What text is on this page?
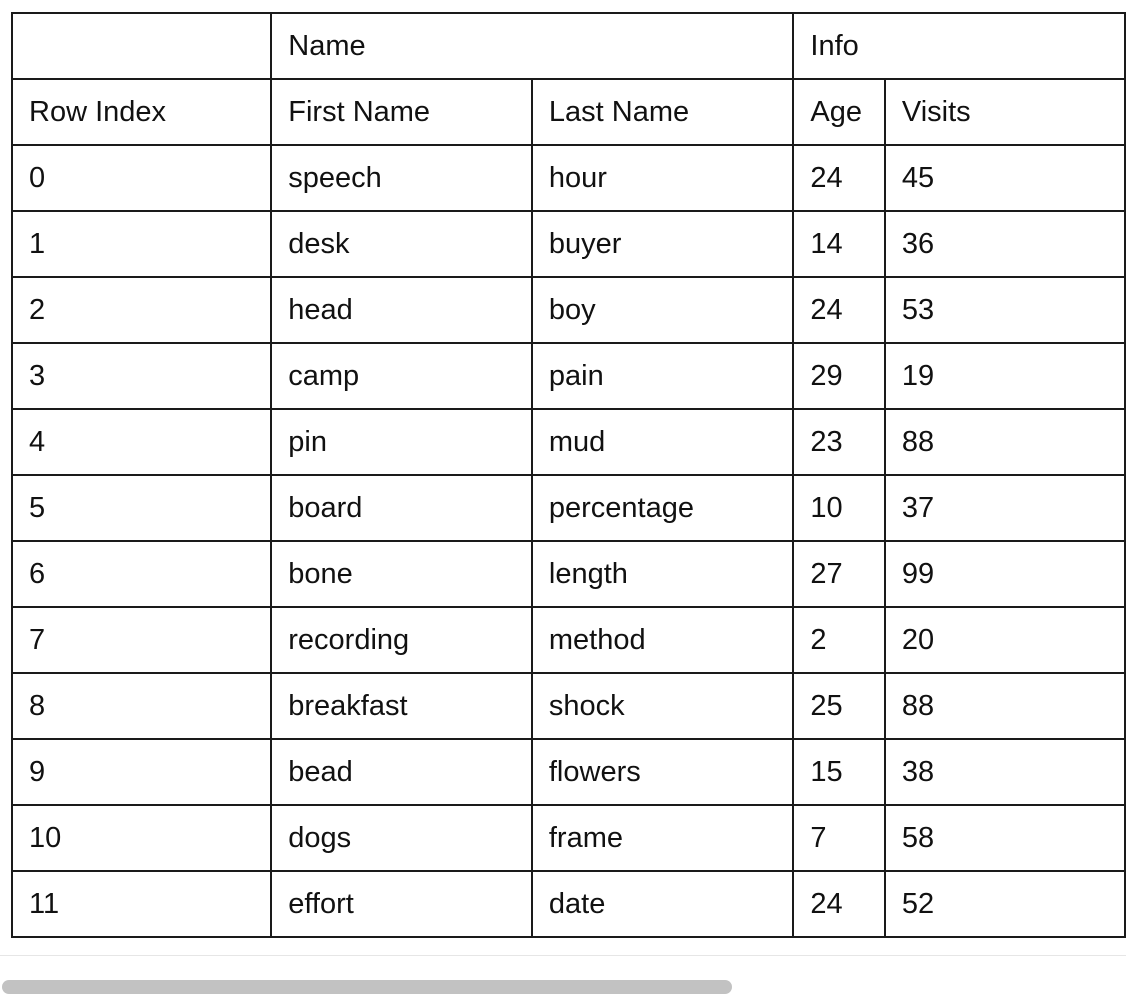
	Name		Info	
Row Index	First Name	Last Name	Age	Visits
0	speech	hour	24	45
1	desk	buyer	14	36
2	head	boy	24	53
3	camp	pain	29	19
4	pin	mud	23	88
5	board	percentage	10	37
6	bone	length	27	99
7	recording	method	2	20
8	breakfast	shock	25	88
9	bead	flowers	15	38
10	dogs	frame	7	58
11	effort	date	24	52
